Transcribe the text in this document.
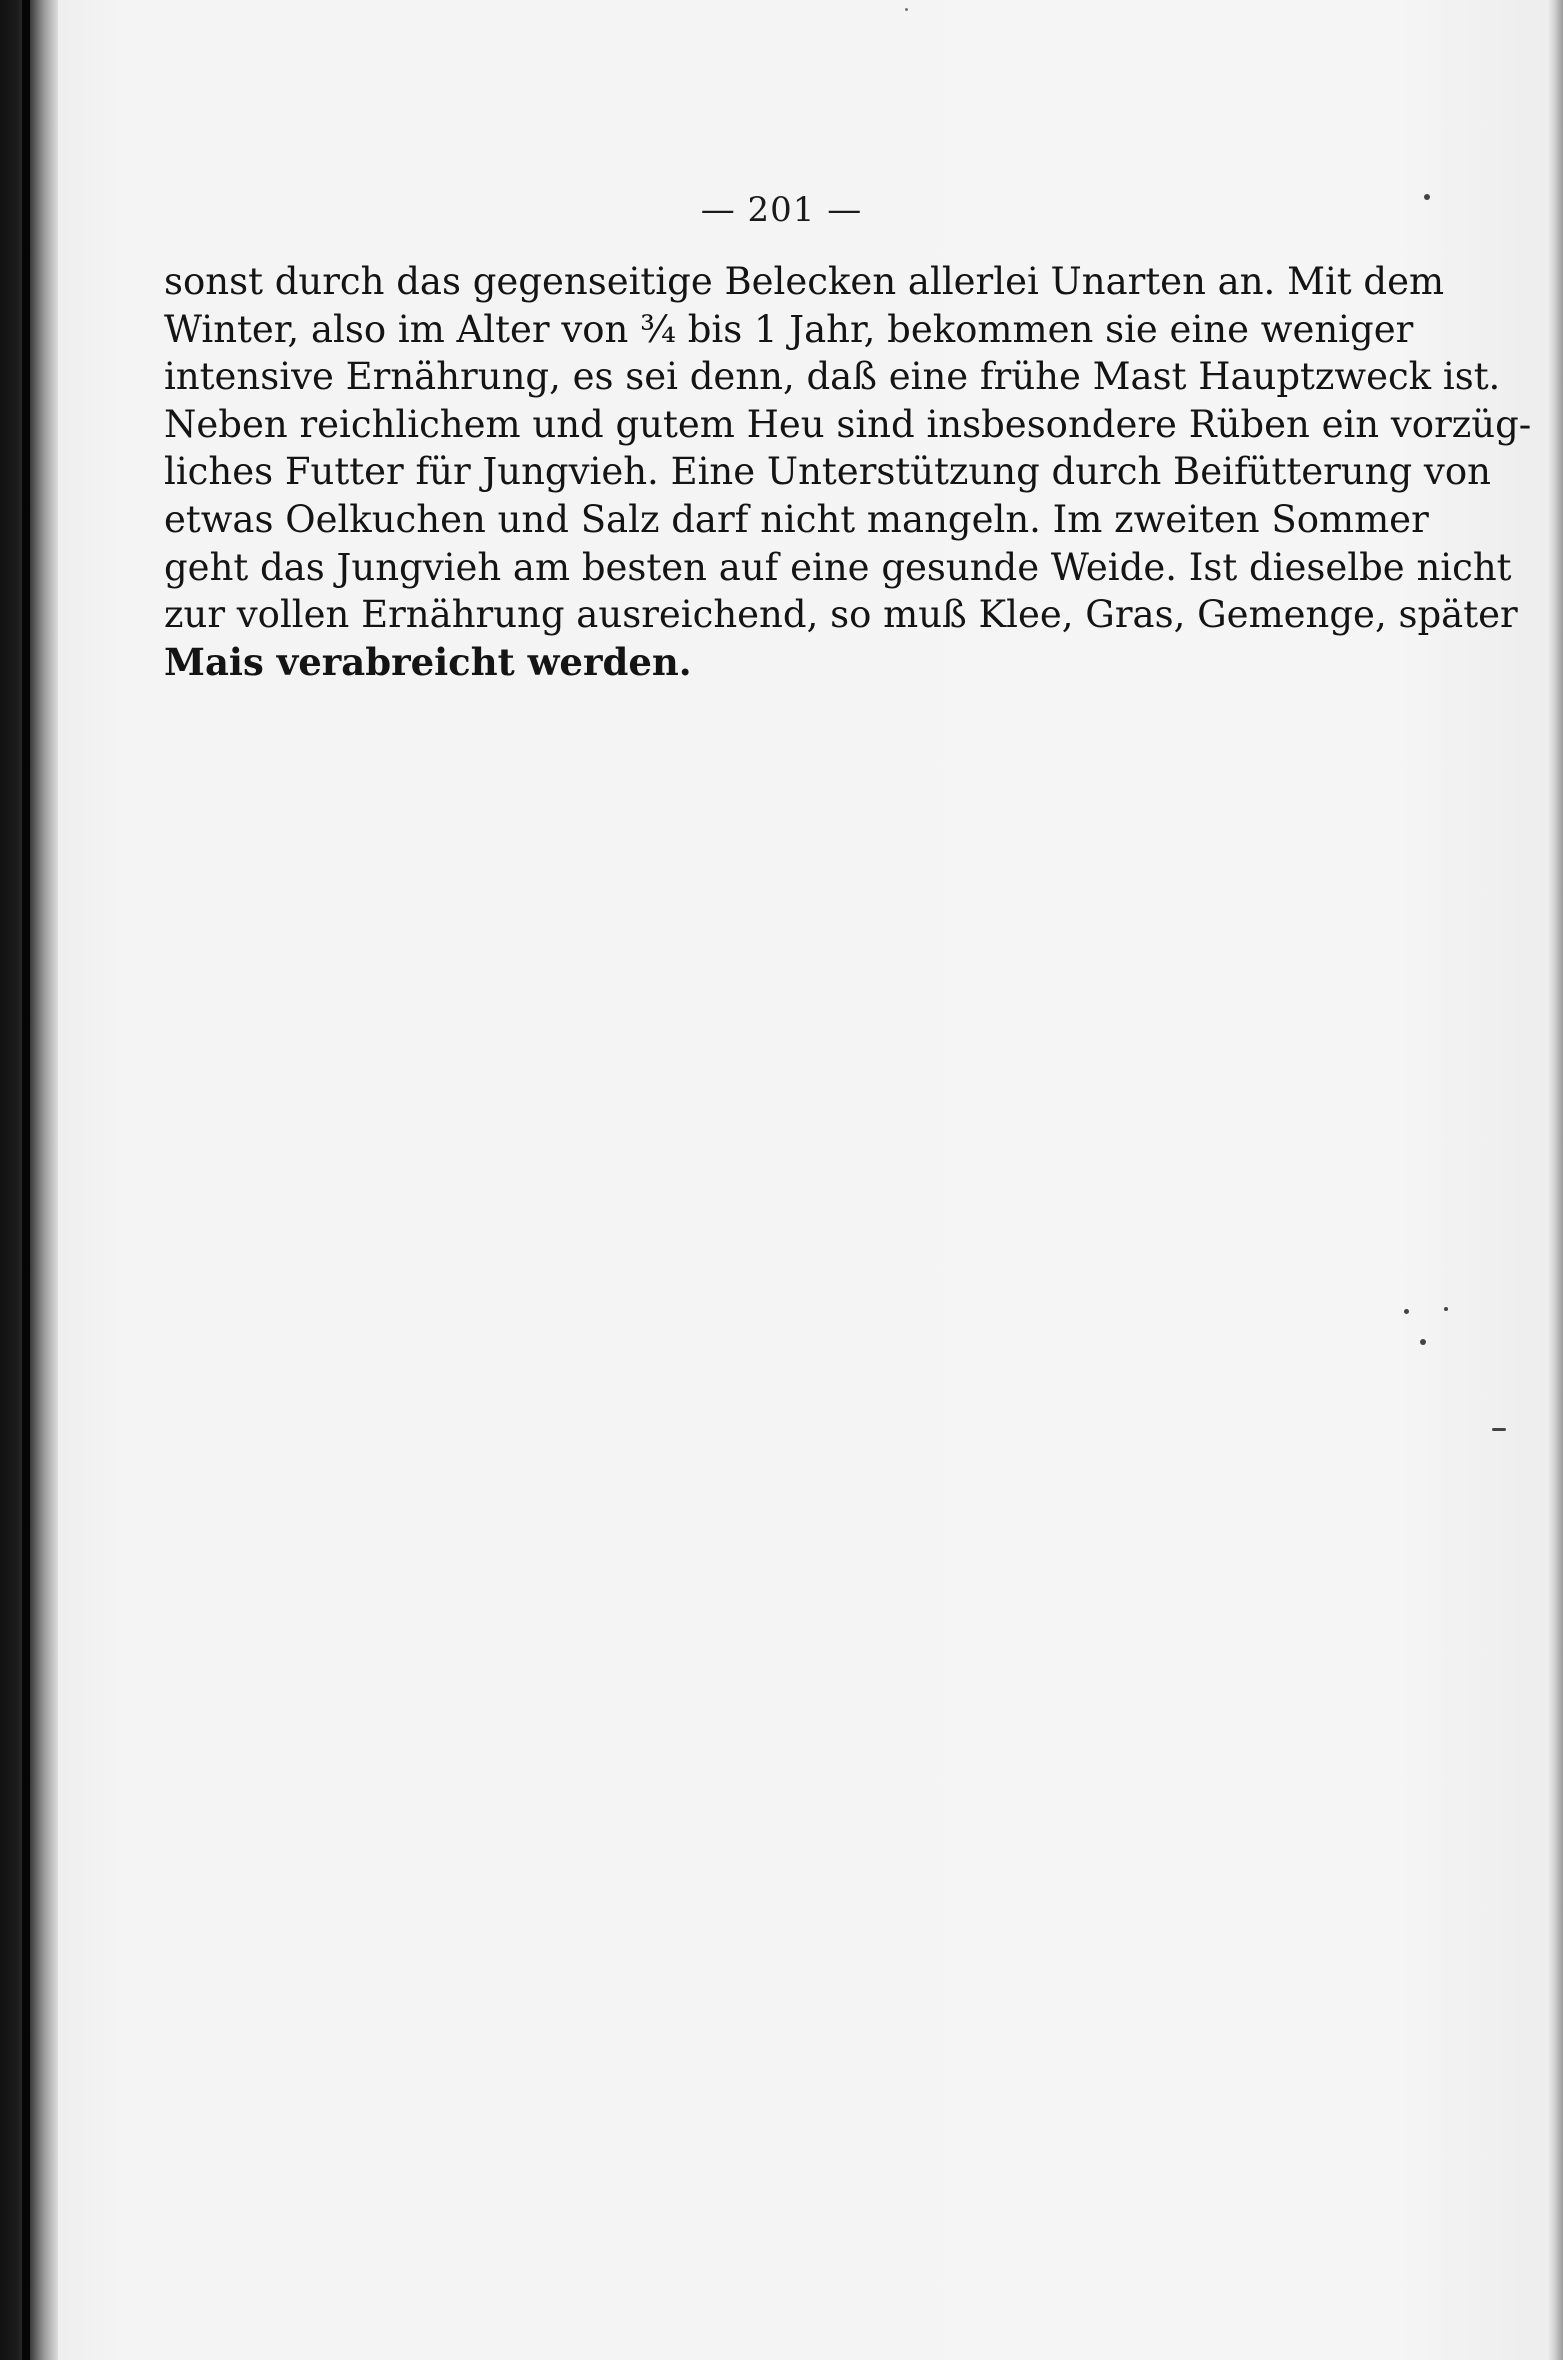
— 201 —
sonst durch das gegenseitige Belecken allerlei Unarten an. Mit dem
Winter, also im Alter von ¾ bis 1 Jahr, bekommen sie eine weniger
intensive Ernährung, es sei denn, daß eine frühe Mast Hauptzweck ist.
Neben reichlichem und gutem Heu sind insbesondere Rüben ein vorzüg-
liches Futter für Jungvieh. Eine Unterstützung durch Beifütterung von
etwas Oelkuchen und Salz darf nicht mangeln. Im zweiten Sommer
geht das Jungvieh am besten auf eine gesunde Weide. Ist dieselbe nicht
zur vollen Ernährung ausreichend, so muß Klee, Gras, Gemenge, später
Mais verabreicht werden.
